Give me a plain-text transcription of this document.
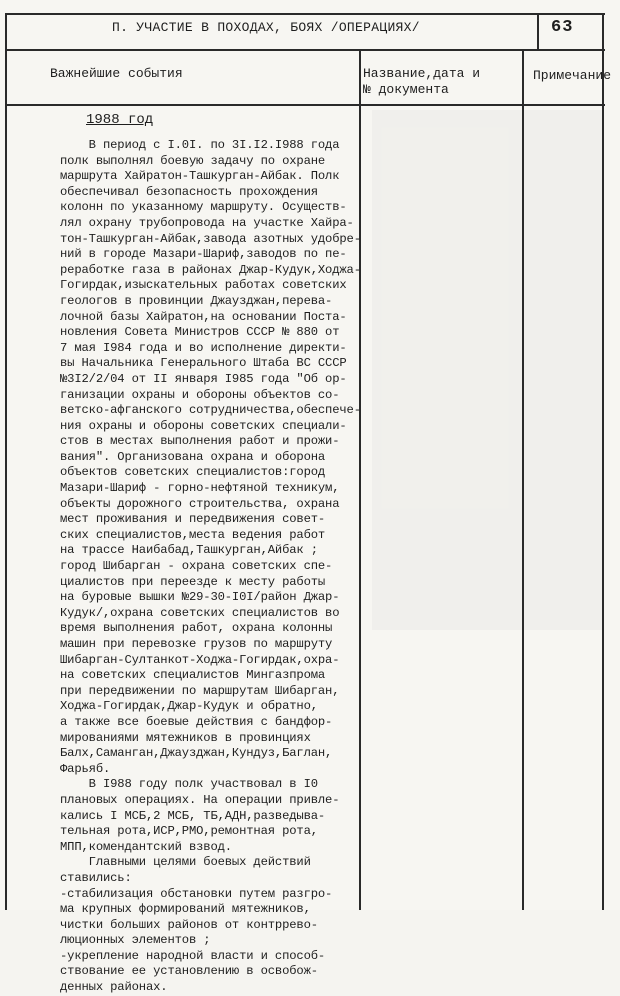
П. УЧАСТИЕ В ПОХОДАХ, БОЯХ /ОПЕРАЦИЯХ/	63
Важнейшие события	Название,дата и
№ документа
Примечание
1988 год
В период с I.0I. по 3I.I2.I988 года
полк выполнял боевую задачу по охране
маршрута Хайратон-Ташкурган-Айбак. Полк
обеспечивал безопасность прохождения
колонн по указанному маршруту. Осуществ-
лял охрану трубопровода на участке Хайра-
тон-Ташкурган-Айбак,завода азотных удобре-
ний в городе Мазари-Шариф,заводов по пе-
реработке газа в районах Джар-Кудук,Ходжа-
Гогирдак,изыскательных работах советских
геологов в провинции Джаузджан,перева-
лочной базы Хайратон,на основании Поста-
новления Совета Министров СССР № 880 от
7 мая I984 года и во исполнение директи-
вы Начальника Генерального Штаба ВС СССР
№3I2/2/04 от II января I985 года "Об ор-
ганизации охраны и обороны объектов со-
ветско-афганского сотрудничества,обеспече-
ния охраны и обороны советских специали-
стов в местах выполнения работ и прожи-
вания". Организована охрана и оборона
объектов советских специалистов:город
Мазари-Шариф - горно-нефтяной техникум,
объекты дорожного строительства, охрана
мест проживания и передвижения совет-
ских специалистов,места ведения работ
на трассе Наибабад,Ташкурган,Айбак ;
город Шибарган - охрана советских спе-
циалистов при переезде к месту работы
на буровые вышки №29-30-I0I/район Джар-
Кудук/,охрана советских специалистов во
время выполнения работ, охрана колонны
машин при перевозке грузов по маршруту
Шибарган-Султанкот-Ходжа-Гогирдак,охра-
на советских специалистов Мингазпрома
при передвижении по маршрутам Шибарган,
Ходжа-Гогирдак,Джар-Кудук и обратно,
а также все боевые действия с бандфор-
мированиями мятежников в провинциях
Балх,Саманган,Джаузджан,Кундуз,Баглан,
Фарьяб.
В I988 году полк участвовал в I0
плановых операциях. На операции привле-
кались I МСБ,2 МСБ, ТБ,АДН,разведыва-
тельная рота,ИСР,РМО,ремонтная рота,
МПП,комендантский взвод.
Главными целями боевых действий
ставились:
-стабилизация обстановки путем разгро-
ма крупных формирований мятежников,
чистки больших районов от контррево-
люционных элементов ;
-укрепление народной власти и способ-
ствование ее установлению в освобож-
денных районах.
